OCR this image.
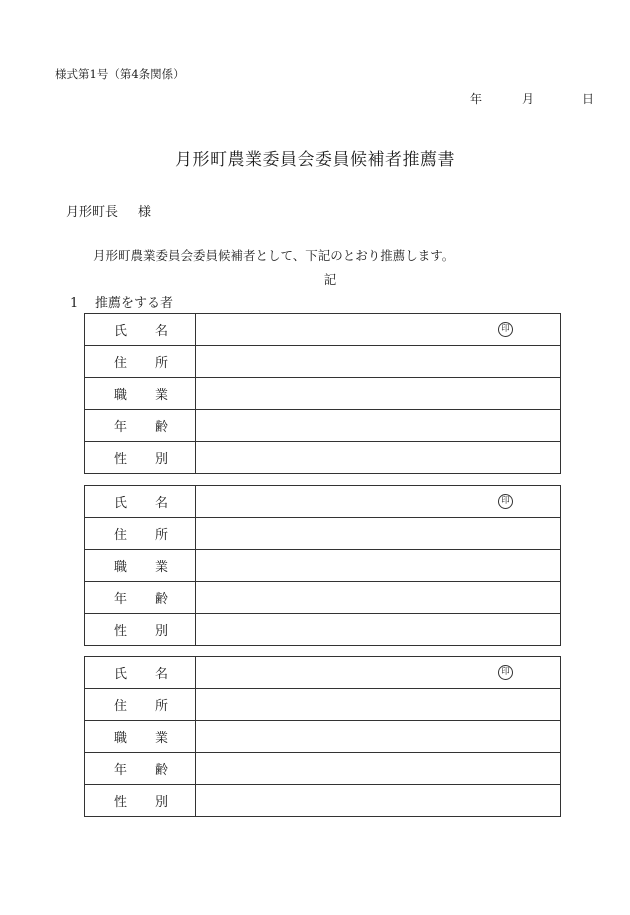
様式第1号（第4条関係）
年	月	日
月形町農業委員会委員候補者推薦書
月形町長 様
月形町農業委員会委員候補者として、下記のとおり推薦します。
記
1 推薦をする者
氏 名	印

住 所	

職 業	

年 齢	

性 別	

氏 名	印

住 所	

職 業	

年 齢	

性 別	

氏 名	印

住 所	

職 業	

年 齢	

性 別	
